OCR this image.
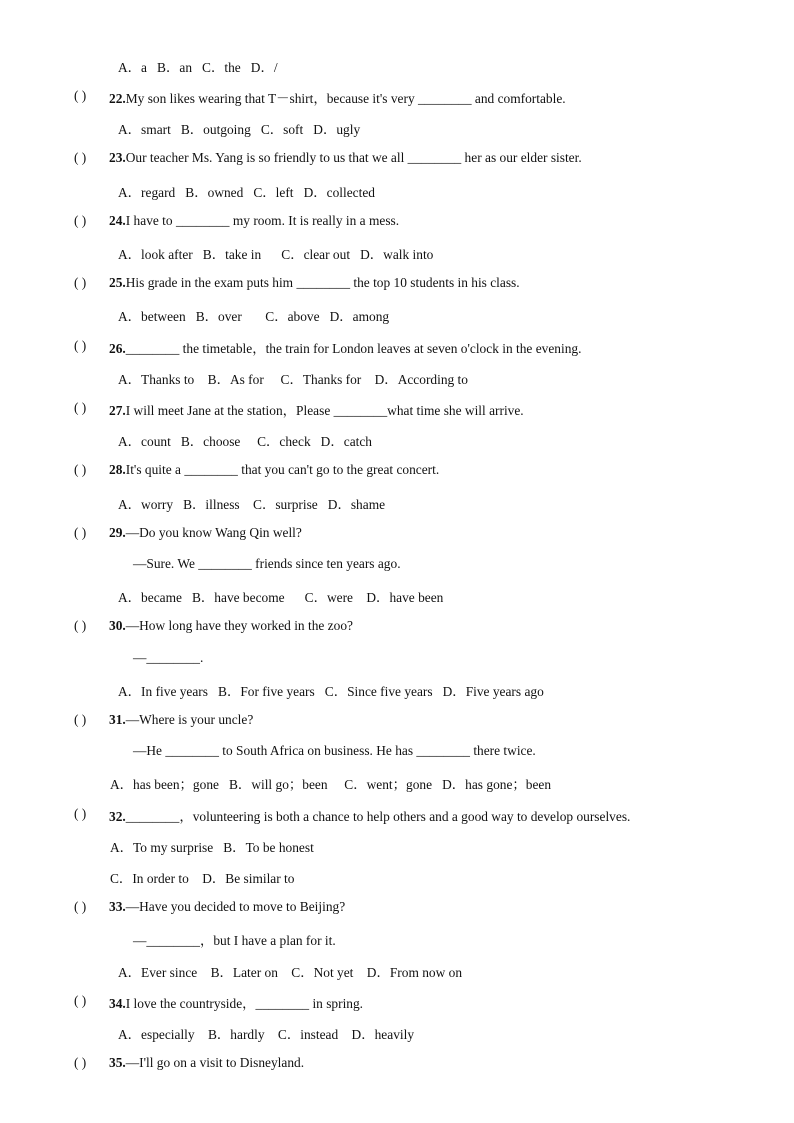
A．a   B．an   C．the   D．/
( ) 22.My son likes wearing that T－shirt，because it's very ________ and comfortable.
A．smart   B．outgoing   C．soft   D．ugly
( ) 23.Our teacher Ms. Yang is so friendly to us that we all ________ her as our elder sister.
A．regard   B．owned   C．left   D．collected
( ) 24.I have to ________ my room. It is really in a mess.
A．look after   B．take in      C．clear out   D．walk into
( ) 25.His grade in the exam puts him ________ the top 10 students in his class.
A．between   B．over       C．above   D．among
( ) 26.________ the timetable，the train for London leaves at seven o'clock in the evening.
A．Thanks to    B．As for     C．Thanks for    D．According to
( ) 27.I will meet Jane at the station，Please ________what time she will arrive.
A．count   B．choose     C．check   D．catch
( ) 28.It's quite a ________ that you can't go to the great concert.
A．worry   B．illness    C．surprise   D．shame
( ) 29.—Do you know Wang Qin well?
—Sure. We ________ friends since ten years ago.
A．became   B．have become      C．were    D．have been
( ) 30.—How long have they worked in the zoo?
—________.
A．In five years   B．For five years   C．Since five years   D．Five years ago
( ) 31.—Where is your uncle?
—He ________ to South Africa on business. He has ________ there twice.
A．has been；gone   B．will go；been     C．went；gone   D．has gone；been
( ) 32.________，volunteering is both a chance to help others and a good way to develop ourselves.
A．To my surprise   B．To be honest
C．In order to    D．Be similar to
( ) 33.—Have you decided to move to Beijing?
—________，but I have a plan for it.
A．Ever since    B．Later on    C．Not yet    D．From now on
( ) 34.I love the countryside，________ in spring.
A．especially    B．hardly    C．instead    D．heavily
( ) 35.—I'll go on a visit to Disneyland.
